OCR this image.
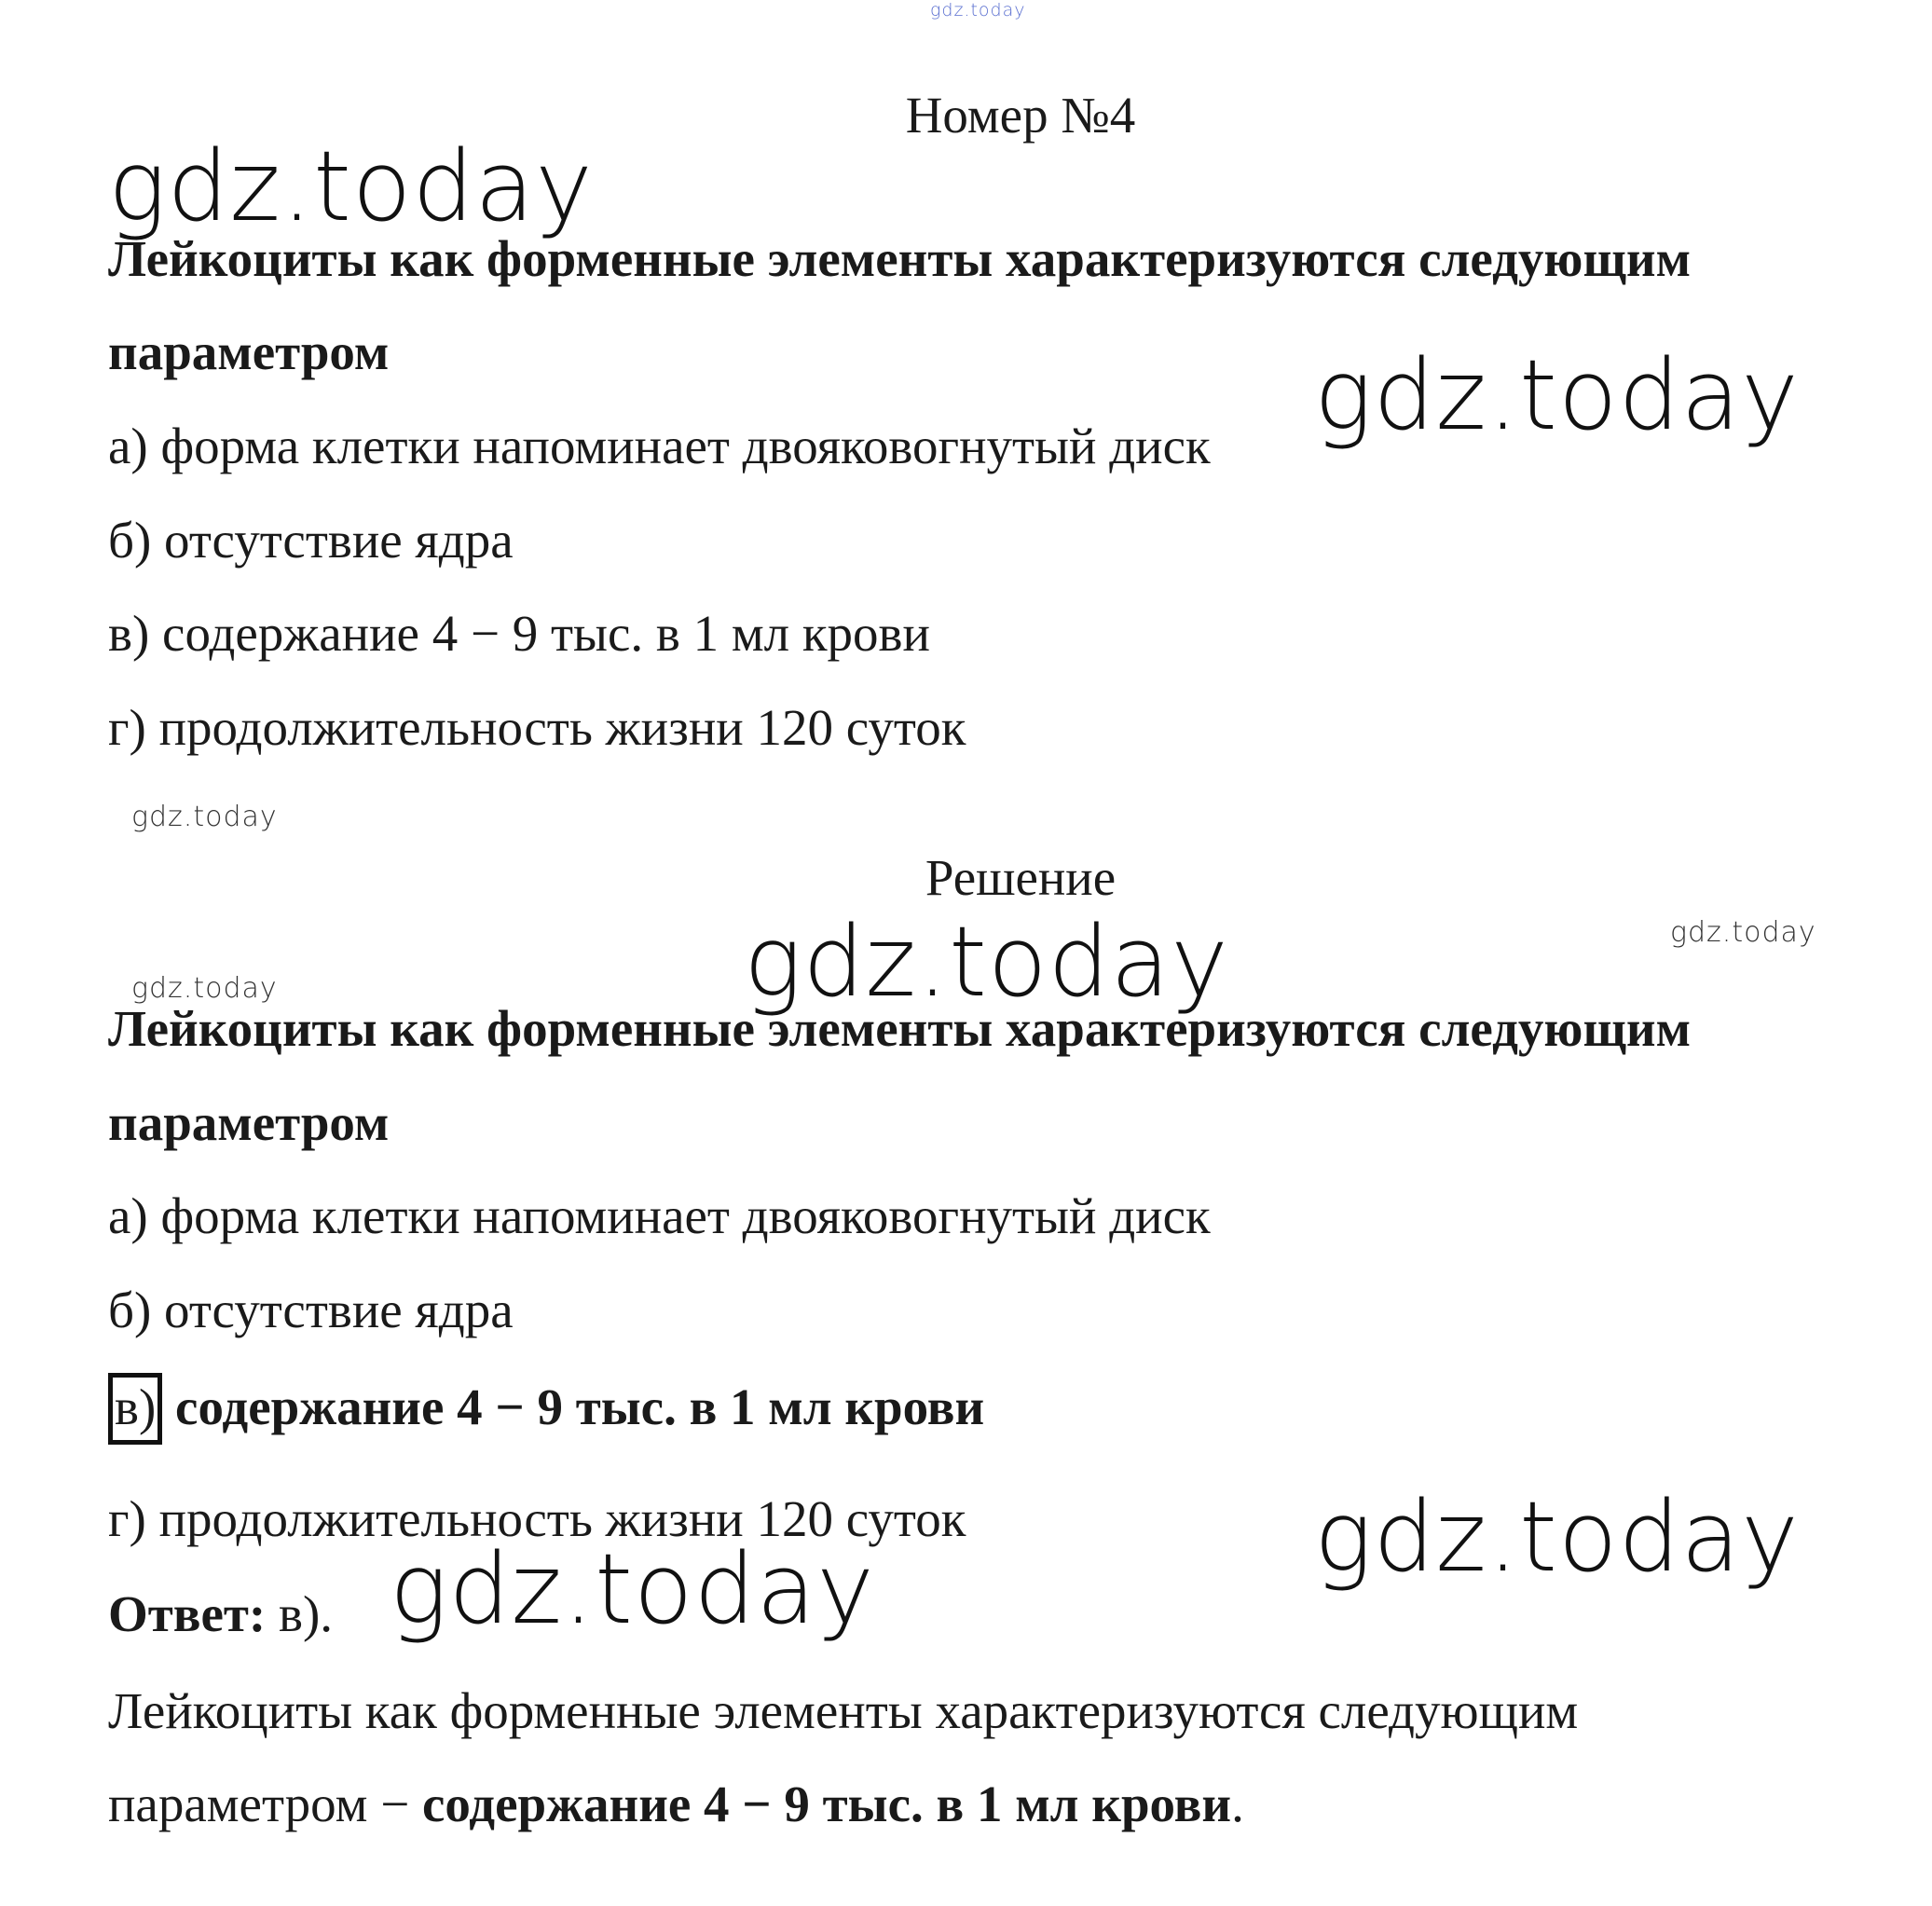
gdz.today
gdz.today
gdz.today
gdz.today
gdz.today
gdz.today
gdz.today
gdz.today
gdz.today
Номер №4
Лейкоциты как форменные элементы характеризуются следующим
параметром
а) форма клетки напоминает двояковогнутый диск
б) отсутствие ядра
в) содержание 4 − 9 тыс. в 1 мл крови
г) продолжительность жизни 120 суток
Решение
Лейкоциты как форменные элементы характеризуются следующим
параметром
а) форма клетки напоминает двояковогнутый диск
б) отсутствие ядра
в) содержание 4 − 9 тыс. в 1 мл крови
г) продолжительность жизни 120 суток
Ответ: в).
Лейкоциты как форменные элементы характеризуются следующим
параметром − содержание 4 − 9 тыс. в 1 мл крови.
